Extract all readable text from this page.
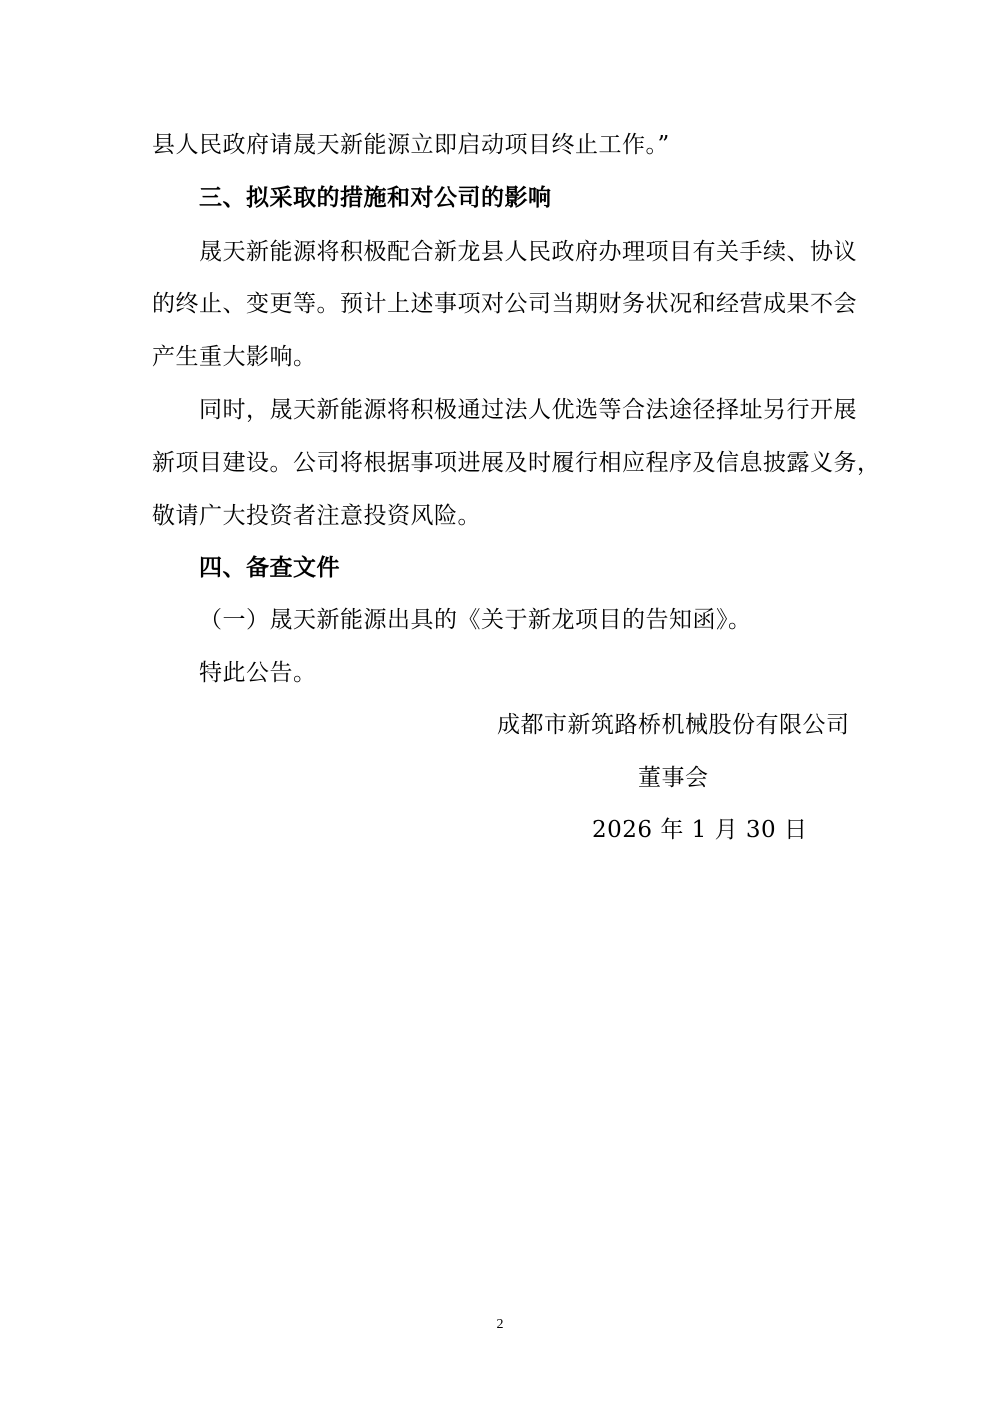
县人民政府请晟天新能源立即启动项目终止工作。”
三、拟采取的措施和对公司的影响
晟天新能源将积极配合新龙县人民政府办理项目有关手续、协议
的终止、变更等。预计上述事项对公司当期财务状况和经营成果不会
产生重大影响。
同时，晟天新能源将积极通过法人优选等合法途径择址另行开展
新项目建设。公司将根据事项进展及时履行相应程序及信息披露义务，
敬请广大投资者注意投资风险。
四、备查文件
（一）晟天新能源出具的《关于新龙项目的告知函》。
特此公告。
成都市新筑路桥机械股份有限公司
董事会
2026 年 1 月 30 日
2
